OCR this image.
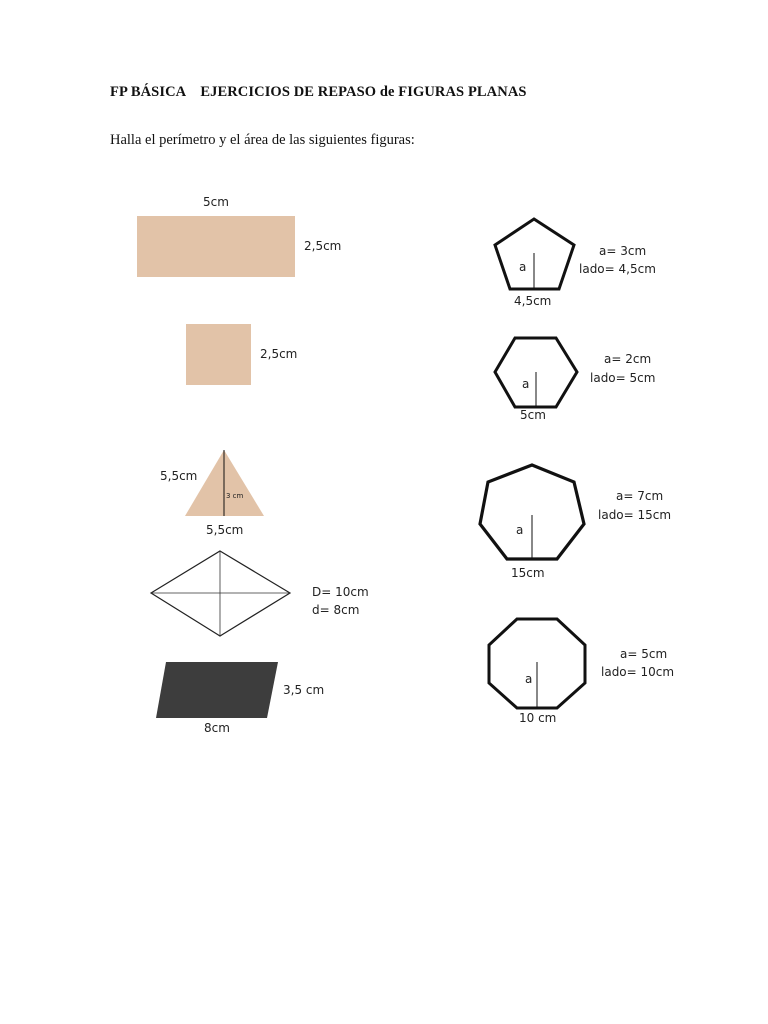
FP BÁSICA EJERCICIOS DE REPASO de FIGURAS PLANAS
Halla el perímetro y el área de las siguientes figuras:
5cm
2,5cm
2,5cm
5,5cm
3 cm
5,5cm
D= 10cm
d= 8cm
3,5 cm
8cm
a
4,5cm
a= 3cm
lado= 4,5cm
a
5cm
a= 2cm
lado= 5cm
a
15cm
a= 7cm
lado= 15cm
a
10 cm
a= 5cm
lado= 10cm
